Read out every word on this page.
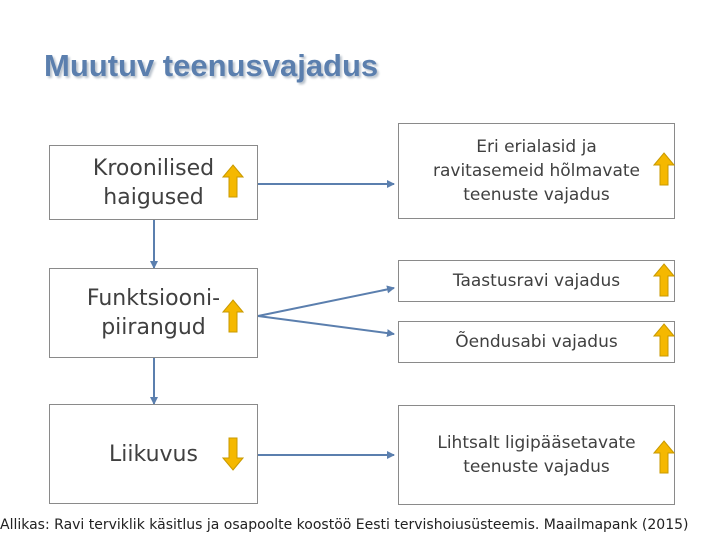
Muutuv teenusvajadus
Kroonilised
haigused
Funktsiooni-
piirangud
Liikuvus
Eri erialasid ja
ravitasemeid hõlmavate
teenuste vajadus
Taastusravi vajadus
Õendusabi vajadus
Lihtsalt ligipääsetavate
teenuste vajadus
Allikas: Ravi terviklik käsitlus ja osapoolte koostöö Eesti tervishoiusüsteemis. Maailmapank (2015)
